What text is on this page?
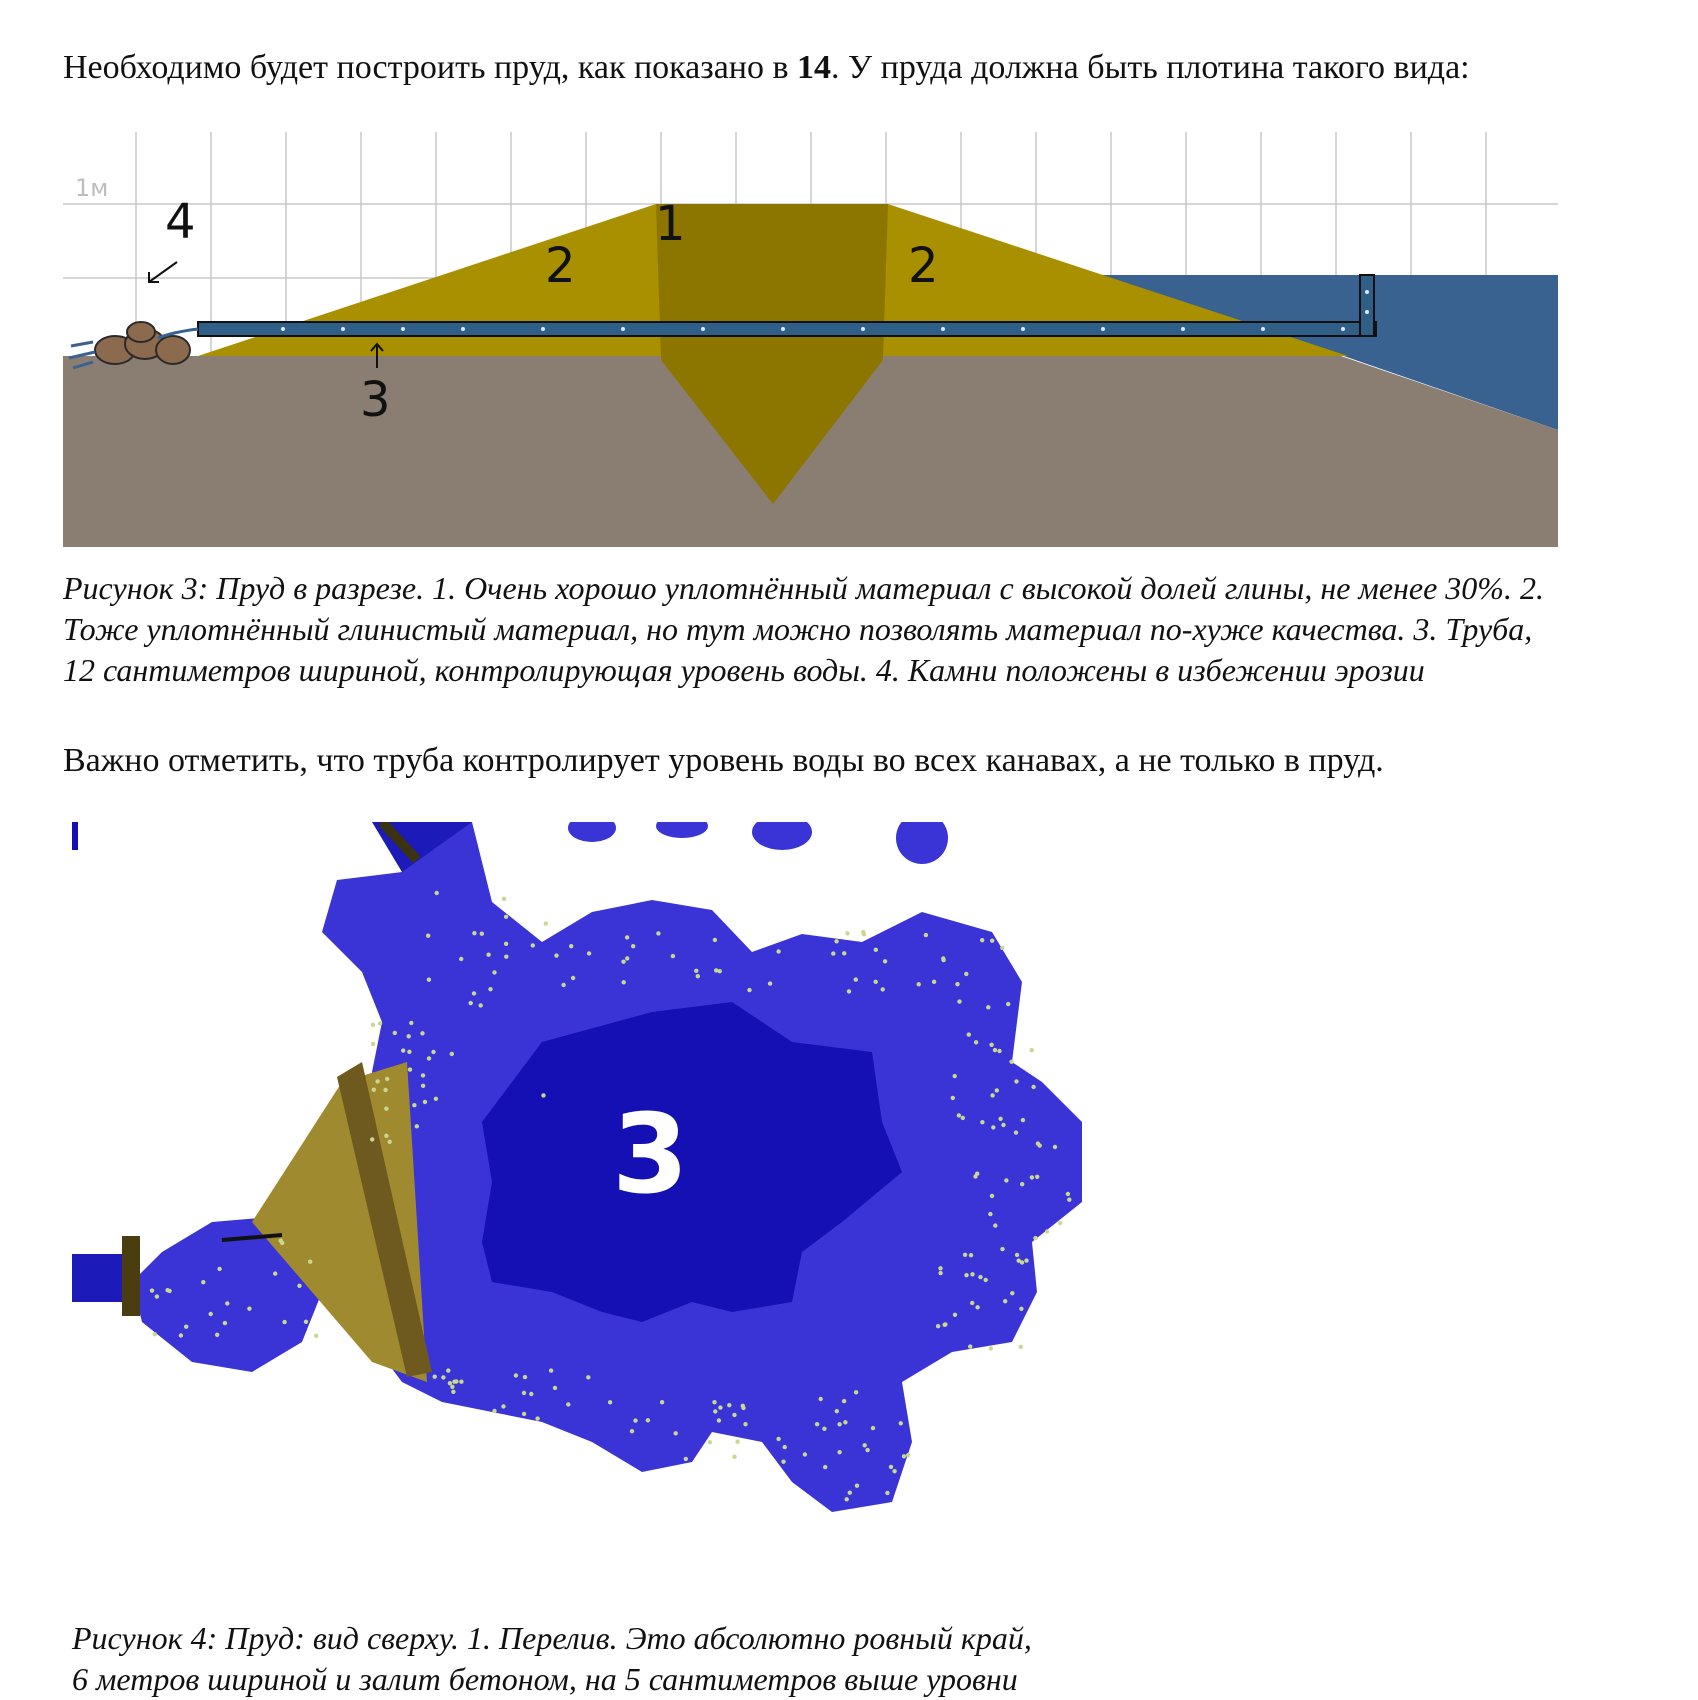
Необходимо будет построить пруд, как показано в 14. У пруда должна быть плотина такого вида:

1м
1
2	2
3
4

Рисунок 3: Пруд в разрезе. 1. Очень хорошо уплотнённый материал с высокой долей глины, не менее 30%. 2. Тоже уплотнённый глинистый материал, но тут можно позволять материал по-хуже качества. 3. Труба, 12 сантиметров шириной, контролирующая уровень воды. 4. Камни положены в избежении эрозии

Важно отметить, что труба контролирует уровень воды во всех канавах, а не только в пруд.

3

Рисунок 4: Пруд: вид сверху. 1. Перелив. Это абсолютно ровный край,
6 метров шириной и залит бетоном, на 5 сантиметров выше уровни
